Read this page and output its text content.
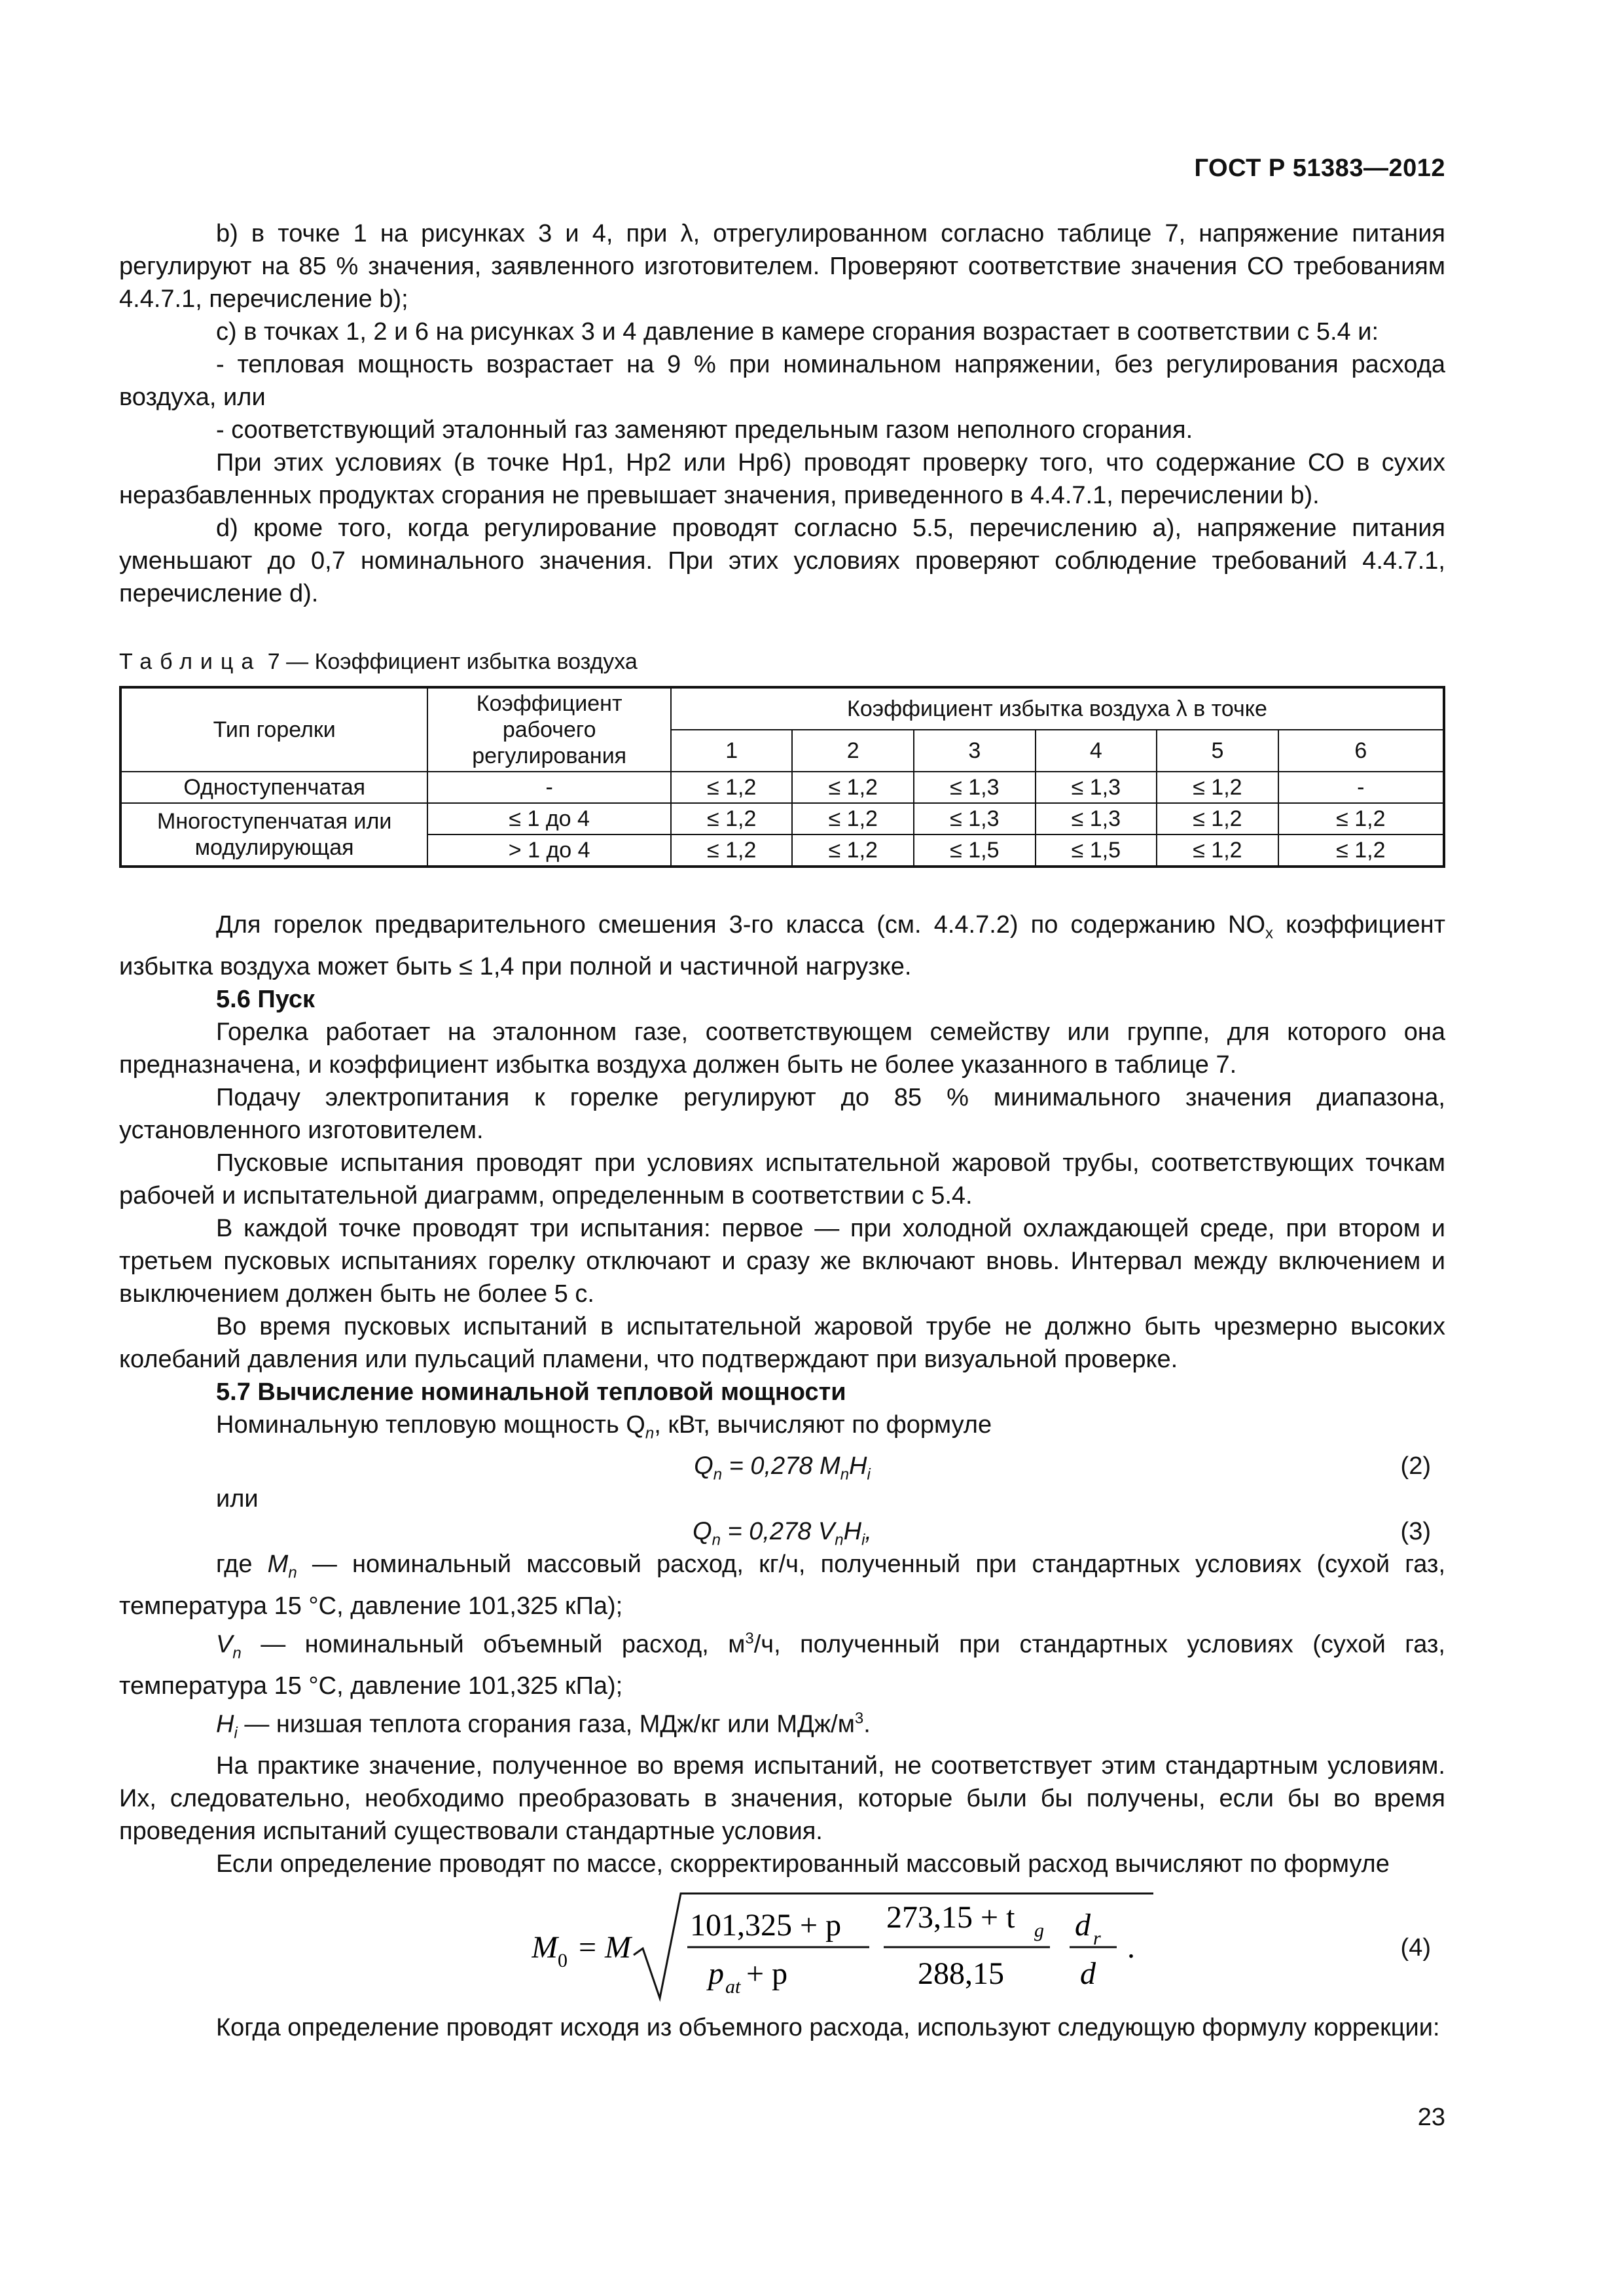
ГОСТ Р 51383—2012

b) в точке 1 на рисунках 3 и 4, при λ, отрегулированном согласно таблице 7, напряжение питания регулируют на 85 % значения, заявленного изготовителем. Проверяют соответствие значения СО требованиям 4.4.7.1, перечисление b);

c) в точках 1, 2 и 6 на рисунках 3 и 4 давление в камере сгорания возрастает в соответствии с 5.4 и:

- тепловая мощность возрастает на 9 % при номинальном напряжении, без регулирования расхода воздуха, или

- соответствующий эталонный газ заменяют предельным газом неполного сгорания.

При этих условиях (в точке Hp1, Hp2 или Hp6) проводят проверку того, что содержание СО в сухих неразбавленных продуктах сгорания не превышает значения, приведенного в 4.4.7.1, перечислении b).

d) кроме того, когда регулирование проводят согласно 5.5, перечислению а), напряжение питания уменьшают до 0,7 номинального значения. При этих условиях проверяют соблюдение требований 4.4.7.1, перечисление d).

Таблица 7 — Коэффициент избытка воздуха

Тип горелки	Коэффициент рабочего регулирования	Коэффициент избытка воздуха λ в точке					
		1	2	3	4	5	6
Одноступенчатая	-	≤ 1,2	≤ 1,2	≤ 1,3	≤ 1,3	≤ 1,2	-
Многоступенчатая или модулирующая	≤ 1 до 4	≤ 1,2	≤ 1,2	≤ 1,3	≤ 1,3	≤ 1,2	≤ 1,2
	> 1 до 4	≤ 1,2	≤ 1,2	≤ 1,5	≤ 1,5	≤ 1,2	≤ 1,2

Для горелок предварительного смешения 3-го класса (см. 4.4.7.2) по содержанию $NO_x$ коэффициент избытка воздуха может быть ≤ 1,4 при полной и частичной нагрузке.

5.6 Пуск

Горелка работает на эталонном газе, соответствующем семейству или группе, для которого она предназначена, и коэффициент избытка воздуха должен быть не более указанного в таблице 7.

Подачу электропитания к горелке регулируют до 85 % минимального значения диапазона, установленного изготовителем.

Пусковые испытания проводят при условиях испытательной жаровой трубы, соответствующих точкам рабочей и испытательной диаграмм, определенным в соответствии с 5.4.

В каждой точке проводят три испытания: первое — при холодной охлаждающей среде, при втором и третьем пусковых испытаниях горелку отключают и сразу же включают вновь. Интервал между включением и выключением должен быть не более 5 с.

Во время пусковых испытаний в испытательной жаровой трубе не должно быть чрезмерно высоких колебаний давления или пульсаций пламени, что подтверждают при визуальной проверке.

5.7 Вычисление номинальной тепловой мощности

Номинальную тепловую мощность $Q_n$, кВт, вычисляют по формуле

$Q_n = 0,278$ $M_nH_i$	(2)

или

$Q_n = 0,278$ $V_nH_i$,	(3)

где $M_n$ — номинальный массовый расход, кг/ч, полученный при стандартных условиях (сухой газ, температура 15 °С, давление 101,325 кПа);

$V_n$ — номинальный объемный расход, $м^3/ч$, полученный при стандартных условиях (сухой газ, температура 15 °С, давление 101,325 кПа);

$H_i$ — низшая теплота сгорания газа, МДж/кг или МДж/$м^3$.

На практике значение, полученное во время испытаний, не соответствует этим стандартным условиям. Их, следовательно, необходимо преобразовать в значения, которые были бы получены, если бы во время проведения испытаний существовали стандартные условия.

Если определение проводят по массе, скорректированный массовый расход вычисляют по формуле

M 0 = M
101,325 + p
p at + p
273,15 + t g
288,15
d r
d
.	(4)

Когда определение проводят исходя из объемного расхода, используют следующую формулу коррекции:

23
